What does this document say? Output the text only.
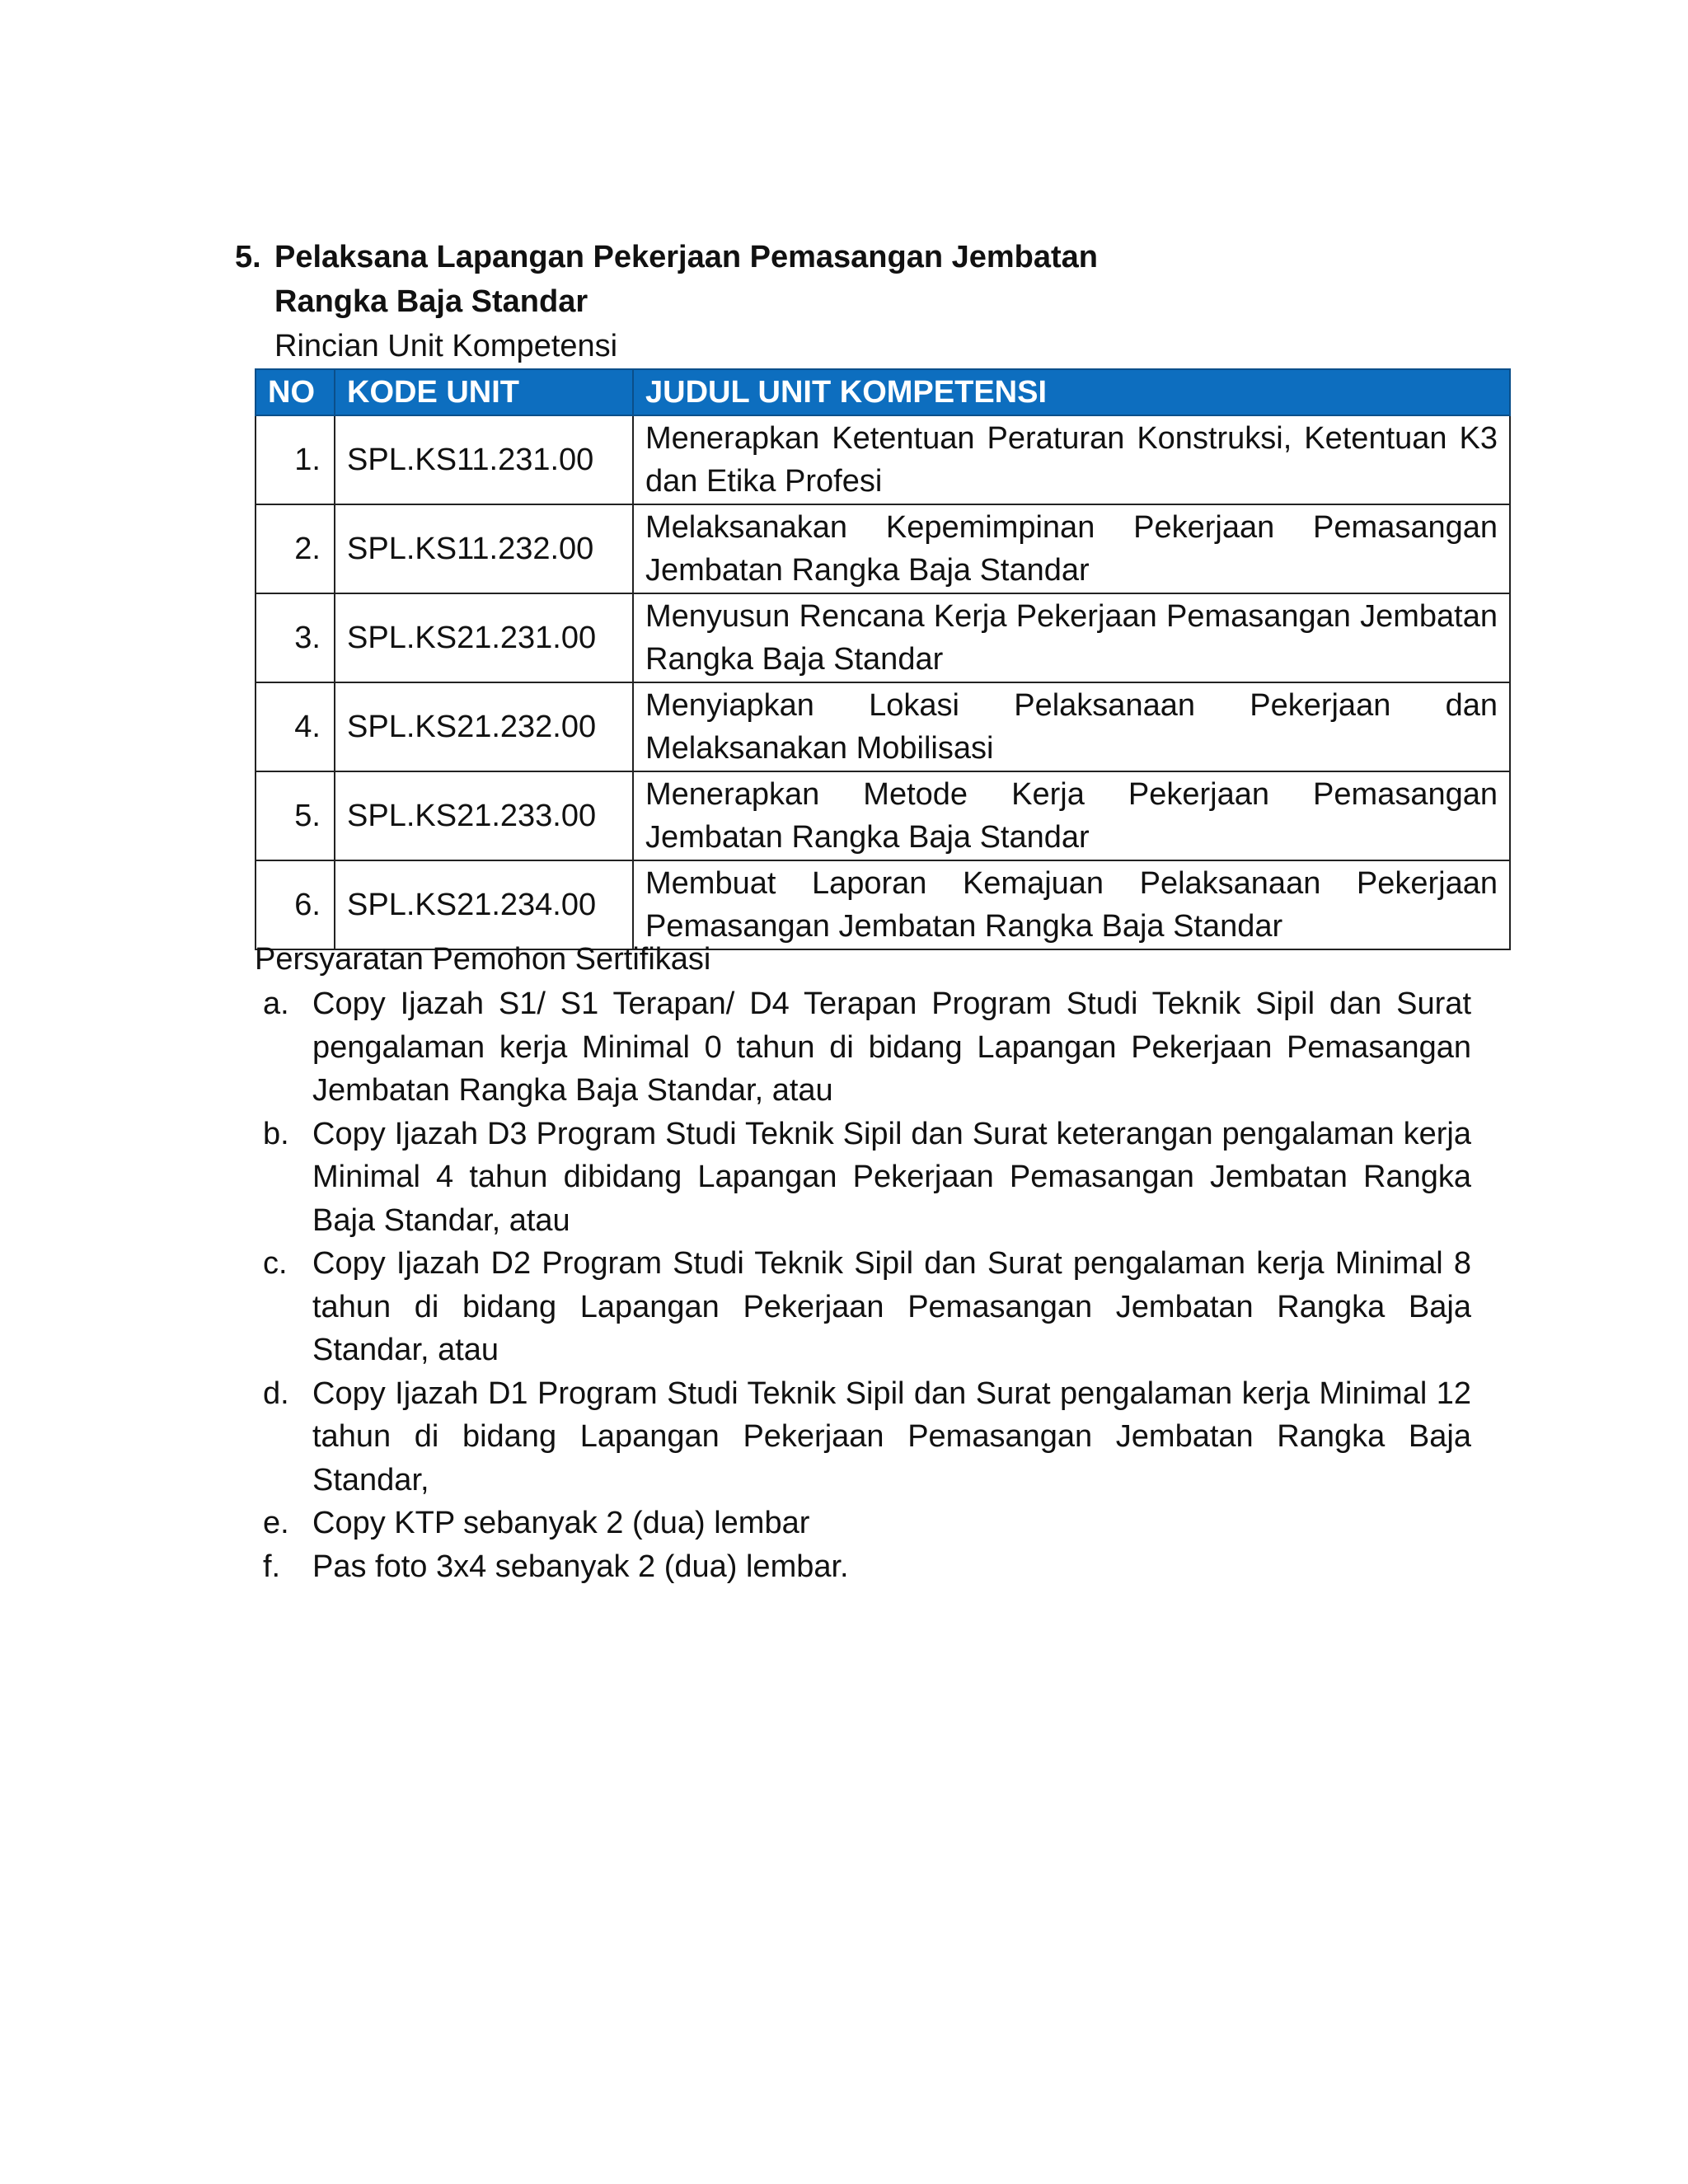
5. Pelaksana Lapangan Pekerjaan Pemasangan Jembatan
Rangka Baja Standar
Rincian Unit Kompetensi
NO	KODE UNIT	JUDUL UNIT KOMPETENSI
1.	SPL.KS11.231.00	Menerapkan Ketentuan Peraturan Konstruksi, Ketentuan K3 dan Etika Profesi
2.	SPL.KS11.232.00	Melaksanakan Kepemimpinan Pekerjaan Pemasangan Jembatan Rangka Baja Standar
3.	SPL.KS21.231.00	Menyusun Rencana Kerja Pekerjaan Pemasangan Jembatan Rangka Baja Standar
4.	SPL.KS21.232.00	Menyiapkan Lokasi Pelaksanaan Pekerjaan dan Melaksanakan Mobilisasi
5.	SPL.KS21.233.00	Menerapkan Metode Kerja Pekerjaan Pemasangan Jembatan Rangka Baja Standar
6.	SPL.KS21.234.00	Membuat Laporan Kemajuan Pelaksanaan Pekerjaan Pemasangan Jembatan Rangka Baja Standar
Persyaratan Pemohon Sertifikasi
a. Copy Ijazah S1/ S1 Terapan/ D4 Terapan Program Studi Teknik Sipil dan Surat pengalaman kerja Minimal 0 tahun di bidang Lapangan Pekerjaan Pemasangan Jembatan Rangka Baja Standar, atau
b. Copy Ijazah D3 Program Studi Teknik Sipil dan Surat keterangan pengalaman kerja Minimal 4 tahun dibidang Lapangan Pekerjaan Pemasangan Jembatan Rangka Baja Standar, atau
c. Copy Ijazah D2 Program Studi Teknik Sipil dan Surat pengalaman kerja Minimal 8 tahun di bidang Lapangan Pekerjaan Pemasangan Jembatan Rangka Baja Standar, atau
d. Copy Ijazah D1 Program Studi Teknik Sipil dan Surat pengalaman kerja Minimal 12 tahun di bidang Lapangan Pekerjaan Pemasangan Jembatan Rangka Baja Standar,
e. Copy KTP sebanyak 2 (dua) lembar
f. Pas foto 3x4 sebanyak 2 (dua) lembar.
